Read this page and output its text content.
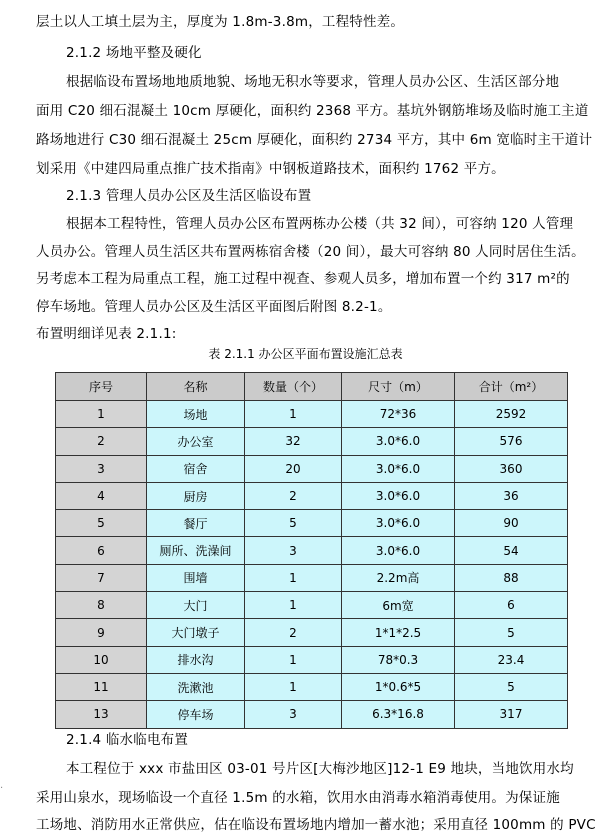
层土以人工填土层为主，厚度为 1.8m-3.8m，工程特性差。
2.1.2 场地平整及硬化
根据临设布置场地地质地貌、场地无积水等要求，管理人员办公区、生活区部分地
面用 C20 细石混凝土 10cm 厚硬化，面积约 2368 平方。基坑外钢筋堆场及临时施工主道
路场地进行 C30 细石混凝土 25cm 厚硬化，面积约 2734 平方，其中 6m 宽临时主干道计
划采用《中建四局重点推广技术指南》中钢板道路技术，面积约 1762 平方。
2.1.3 管理人员办公区及生活区临设布置
根据本工程特性，管理人员办公区布置两栋办公楼（共 32 间），可容纳 120 人管理
人员办公。管理人员生活区共布置两栋宿舍楼（20 间），最大可容纳 80 人同时居住生活。
另考虑本工程为局重点工程，施工过程中视查、参观人员多，增加布置一个约 317 m²的
停车场地。管理人员办公区及生活区平面图后附图 8.2-1。
布置明细详见表 2.1.1:
表 2.1.1 办公区平面布置设施汇总表
序号	名称	数量（个）	尺寸（m）	合计（m²）
1	场地	1	72*36	2592
2	办公室	32	3.0*6.0	576
3	宿舍	20	3.0*6.0	360
4	厨房	2	3.0*6.0	36
5	餐厅	5	3.0*6.0	90
6	厕所、洗澡间	3	3.0*6.0	54
7	围墙	1	2.2m高	88
8	大门	1	6m宽	6
9	大门墩子	2	1*1*2.5	5
10	排水沟	1	78*0.3	23.4
11	洗漱池	1	1*0.6*5	5
13	停车场	3	6.3*16.8	317
2.1.4 临水临电布置
本工程位于 xxx 市盐田区 03-01 号片区[大梅沙地区]12-1 E9 地块，当地饮用水均
采用山泉水，现场临设一个直径 1.5m 的水箱，饮用水由消毒水箱消毒使用。为保证施
工场地、消防用水正常供应，估在临设布置场地内增加一蓄水池；采用直径 100mm 的 PVC
·
